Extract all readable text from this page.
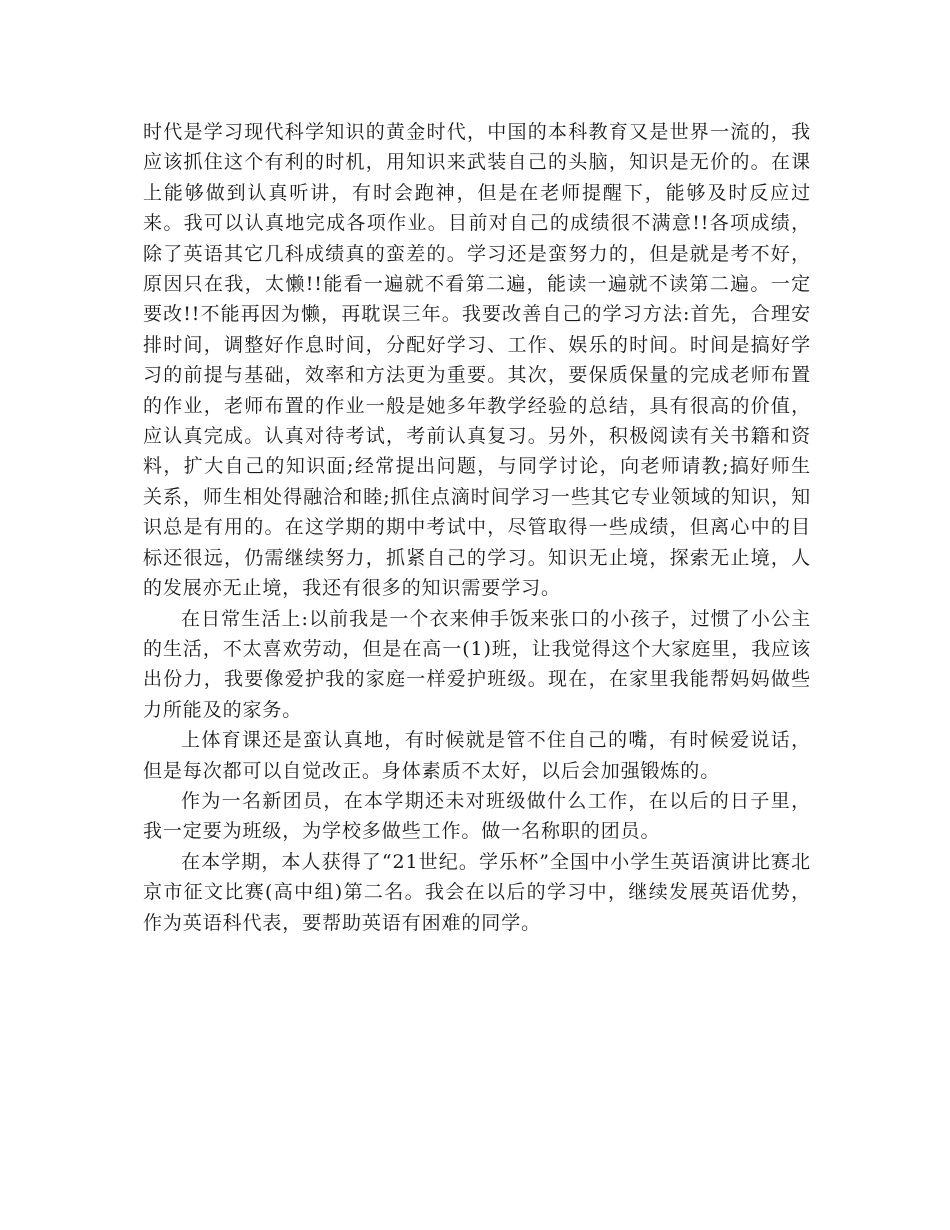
时代是学习现代科学知识的黄金时代，中国的本科教育又是世界一流的，我应该抓住这个有利的时机，用知识来武装自己的头脑，知识是无价的。在课上能够做到认真听讲，有时会跑神，但是在老师提醒下，能够及时反应过来。我可以认真地完成各项作业。目前对自己的成绩很不满意!!各项成绩，除了英语其它几科成绩真的蛮差的。学习还是蛮努力的，但是就是考不好，原因只在我，太懒!!能看一遍就不看第二遍，能读一遍就不读第二遍。一定要改!!不能再因为懒，再耽误三年。我要改善自己的学习方法:首先，合理安排时间，调整好作息时间，分配好学习、工作、娱乐的时间。时间是搞好学习的前提与基础，效率和方法更为重要。其次，要保质保量的完成老师布置的作业，老师布置的作业一般是她多年教学经验的总结，具有很高的价值，应认真完成。认真对待考试，考前认真复习。另外，积极阅读有关书籍和资料，扩大自己的知识面;经常提出问题，与同学讨论，向老师请教;搞好师生关系，师生相处得融洽和睦;抓住点滴时间学习一些其它专业领域的知识，知识总是有用的。在这学期的期中考试中，尽管取得一些成绩，但离心中的目标还很远，仍需继续努力，抓紧自己的学习。知识无止境，探索无止境，人的发展亦无止境，我还有很多的知识需要学习。

在日常生活上:以前我是一个衣来伸手饭来张口的小孩子，过惯了小公主的生活，不太喜欢劳动，但是在高一(1)班，让我觉得这个大家庭里，我应该出份力，我要像爱护我的家庭一样爱护班级。现在，在家里我能帮妈妈做些力所能及的家务。

上体育课还是蛮认真地，有时候就是管不住自己的嘴，有时候爱说话，但是每次都可以自觉改正。身体素质不太好，以后会加强锻炼的。

作为一名新团员，在本学期还未对班级做什么工作，在以后的日子里，我一定要为班级，为学校多做些工作。做一名称职的团员。

在本学期，本人获得了“21世纪。学乐杯”全国中小学生英语演讲比赛北京市征文比赛(高中组)第二名。我会在以后的学习中，继续发展英语优势，作为英语科代表，要帮助英语有困难的同学。
